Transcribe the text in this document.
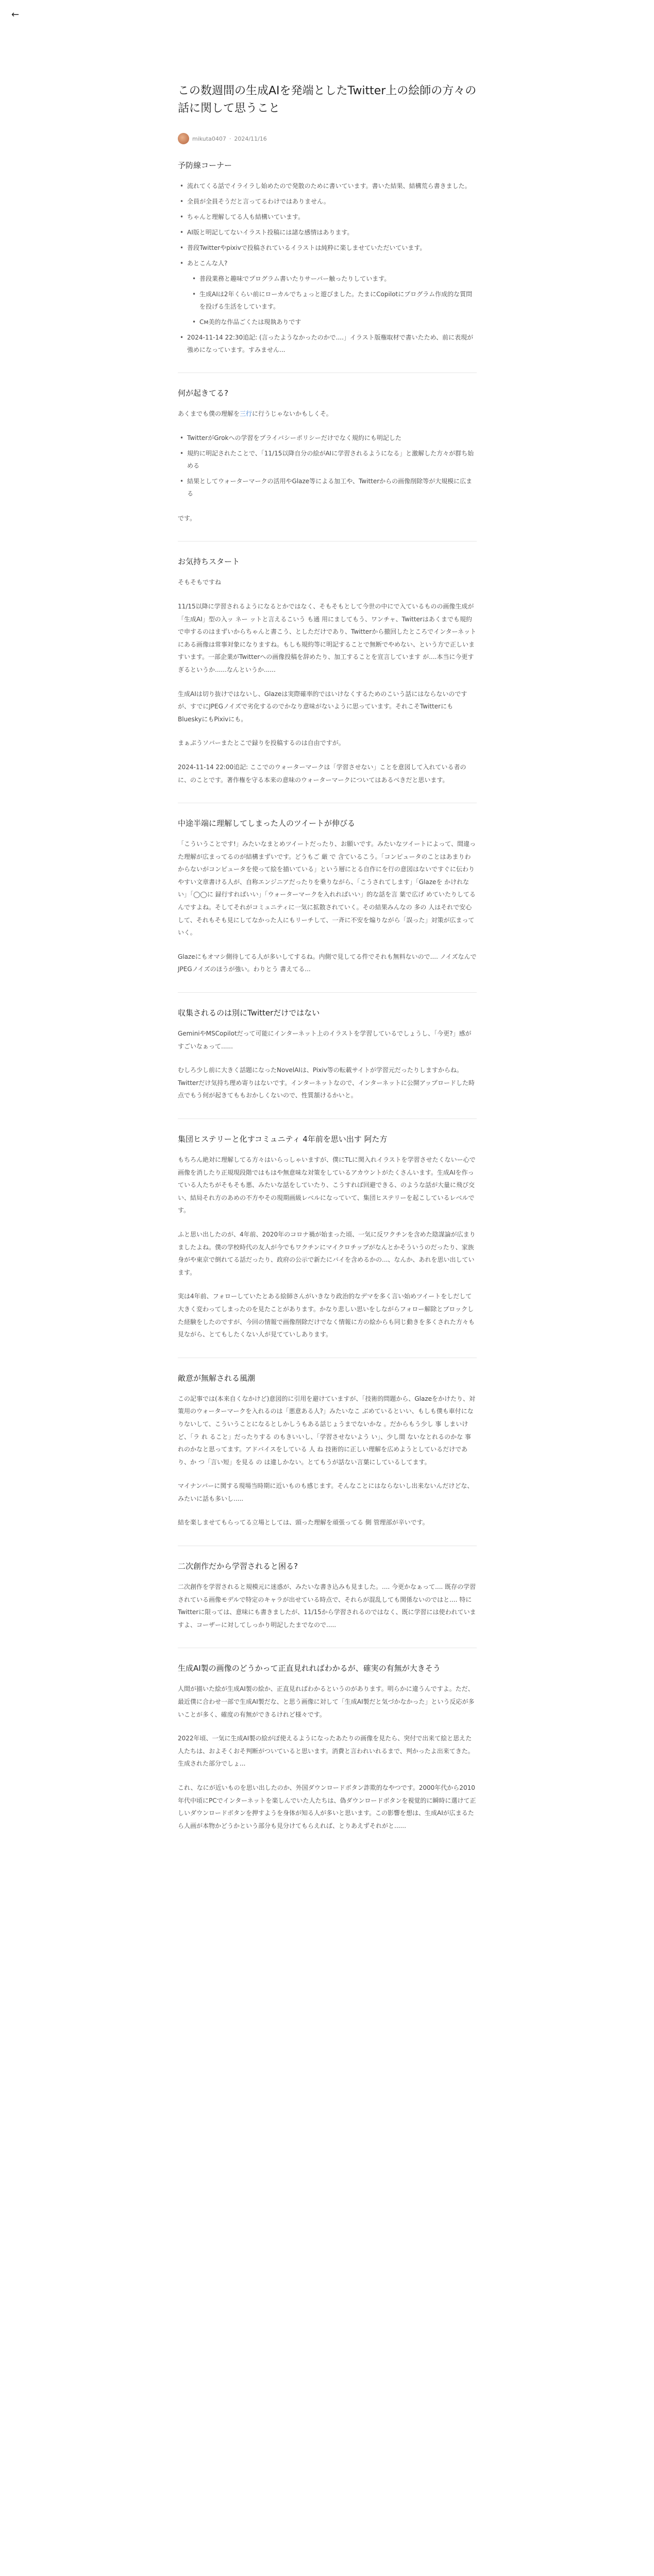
←
この数週間の生成AIを発端としたTwitter上の絵師の方々の話に関して思うこと
mikuta0407 · 2024/11/16
予防線コーナー
• 流れてくる話でイライラし始めたので発散のために書いています。書いた結果、結構荒ら書きました。
• 全員が全員そうだと言ってるわけではありません。
• ちゃんと理解してる人も結構いています。
• AI版と明記してないイラスト投稿には諸な感情はあります。
• 普段Twitterやpixivで投稿されているイラストは純粋に楽しませていただいています。
• あとこんな人?
• 普段業務と趣味でプログラム書いたりサーバー触ったりしています。
• 生成AIは2年くらい前にローカルでちょっと遊びました。たまにCopilotにプログラム作成的な質問を投げる生活をしています。
• См美的な作品ごくたは現執ありです
• 2024-11-14 22:30追記: (言ったようなかったのかで....」イラスト版権取材で書いたため、前に表現が強めになっています。すみません...
何が起きてる?

あくまでも僕の理解を三行に行うじゃないかもしくそ。

• TwitterがGrokへの学習をプライバシーポリシーだけでなく規約にも明記した
• 規約に明記されたことで、「11/15以降自分の絵がAIに学習されるようになる」と激解した方々が群ち始める
• 結果としてウォーターマークの活用やGlaze等による加工や、Twitterからの画像削除等が大規模に広まる

です。

お気持ちスタート

そもそもですね

11/15以降に学習されるようになるとかではなく、そもそもとして今世の中にで入ているものの画像生成が「生成AI」型の入ッ ネー ットと言えるこいう も通 用にましてもう、ワンチャ、Twitterはあくまでも規約で申するのはまずいからちゃんと書こう、としただけであり、Twitterから撤回したところでインターネットにある画像は常事対象になりますね。もしも規約等に明記することで無断でやめない、という方で正しいますいます。一部企業がTwitterへの画像投稿を辞めたり、加工することを宣言しています が....本当に今更すぎるというか......なんというか......

生成AIは切り抜けではないし、Glazeは実際確率的ではいけなくするためのこいう話にはならないのですが、すでにJPEGノイズで劣化するのでかなり意味がないように思っています。それこそTwitterにもBlueskyにもPixivにも。

まぁぷうソバーまたとこで録りを投稿するのは自由ですが。

2024-11-14 22:00追記: ここでのウォーターマークは「学習させない」ことを意図して入れている者のに、のことです。著作権を守る本来の意味のウォーターマークについてはあるべきだと思います。

中途半端に理解してしまった人のツイートが伸びる

「こういうことです!」みたいなまとめツイートだったり、お願いです。みたいなツイートによって、間違った理解が広まってるのが結構まずいです。どうもご 厳 で 含ているこう。「コンピュータのことはあまりわからないがコンピュータを使って絵を描いている」という層にとる自作にを行の意図はないですぐに伝わりやすい文章書ける人が、自称エンジニアだったりを乗りながら、「こうされてします」「Glazeを かけれない」「◯◯に 録行すればいい」「ウォーターマークを入れればいい」的な話を言 葉で広げ めていたりしてるんですよね。そしてそれがコミュニティに一気に拡散されていく。その結果みんなの 多の 人はそれで安心して、それもそも見にしてなかった人にもリーチして、一斉に不安を煽りながら「誤った」対策が広まっていく。

Glazeにもオマシ側待してる人が多いしてするね。内側で見してる件でそれも無料ないので.... ノイズなんでJPEGノイズのほうが強い。わりとう 書えてる...

収集されるのは別にTwitterだけではない

GeminiやMSCopilotだって可能にインターネット上のイラストを学習しているでしょうし、「今更?」感がすごいなぁって......

むしろ少し前に大きく話題になったNovelAIは、Pixiv等の転載サイトが学習元だったりしますからね。Twitterだけ気持ち理め寄りはないです。インターネットなので、インターネットに公開アップロードした時点でもう何が起きてももおかしくないので、性質頷けるかいと。

集団ヒステリーと化すコミュニティ 4年前を思い出す 阿た方

もちろん絶対に理解してる方々はいらっしゃいますが、僕にTLに関入れイラストを学習させたくないー心で画像を消したり正規現段階ではもはや無意味な対策をしているアカウントがたくさんいます。生成AIを作っている人たちがそもそも悪、みたいな話をしていたり、こうすれば回避できる、のような話が大量に飛び交い、結局それ方のあめの不方やその現期画級レベルになっていて、集団ヒステリーを起こしているレベルです。

ふと思い出したのが、4年前、2020年のコロナ禍が始まった頃、一気に反ワクチンを含めた陰謀論が広まりましたよね。僕の学校時代の友人が今でもワクチンにマイクロチップがなんとかそういうのだったり、家族身がや東京で倒れてる話だったり、政府の公示で新たにバイを含めるかの...、なんか、あれを思い出しています。

実は4年前、フォローしていたとある絵師さんがいきなり政治的なデマを多く言い始めツイートをしだして大きく変わってしまったのを見たことがあります。かなり悲しい思いをしながらフォロー解除とブロックした経験をしたのですが、今回の情報で画像削除だけでなく情報に方の絵からも同じ動きを多くされた方々も見ながら、とてもしたくない人が見てていしあります。

敵意が無解される風潮

この記事では(本来自くなかけど)意図的に引用を避けていますが、「技術的問題から、Glazeをかけたり、対策用のウォーターマークを入れるのは「悪意ある人?」みたいなこ ぶめているといい、もしも僕も車付になりないして、こういうことになるとしかしうもある話じょうまでないかな 。だからもう少し 事 しまいけど、「ラ れ ること」だったりする のもきいいし、「学習させないよう い」、少し間 ないなとれるのかな 事れのかなと思ってます。アドバイスをしている 人 ね 技術的に正しい理解を広めようとしているだけであり、か つ「言い短」を見る の は違しかない。とてもうが話ない言葉にしているしてます。

マイナンバーに関する現場当時期に近いものも感じます。そんなことにはならないし出来ないんだけどな、みたいに話も多いし.....

結を楽しませてもらってる立場としては、頭った理解を頑張ってる 側 管理部が辛いです。

二次創作だから学習されると困る?

二次創作を学習されると規模元に迷惑が、みたいな書き込みも見ました。.... 今更かなぁって.... 既存の学習されている画像モデルで特定のキャラが出せている時点で、それらが混乱しても関係ないのではと.... 特にTwitterに限っては、意味にも書きましたが、11/15から学習されるのではなく、既に学習には使われていますよ、コーザーに対してしっかり明記したまでなので.....

生成AI製の画像のどうかって正直見れればわかるが、確実の有無が大きそう

人間が描いた絵が生成AI製の絵か、正直見ればわかるというのがあります。明らかに違うんですよ。ただ、最近僕に合わせ一部で生成AI製だな、と思う画像に対して「生成AI製だと気づかなかった」という反応が多いことが多く、確度の有無ができるけれど様々です。

2022年頃、一気に生成AI製の絵がぽ使えるようになったあたりの画像を見たら、突付で出来て絵と思えた人たちは、およそくおそ判断がついていると思います。消費と言われいれるまで、判かったよ出来てきた。生成された部分でしょ...

これ、なにが近いものを思い出したのか、外国ダウンロードボタン詐欺的なやつです。2000年代から2010年代中頃にPCでインターネットを楽しんでいた人たちは、偽ダウンロードボタンを視覚的に瞬時に選けて正しいダウンロードボタンを押すようを身体が知る人が多いと思います。この影響を想は、生成AIが広まるたら人画が本物かどうかという部分も見分けてもらえれば、とりあえずそれがと......
